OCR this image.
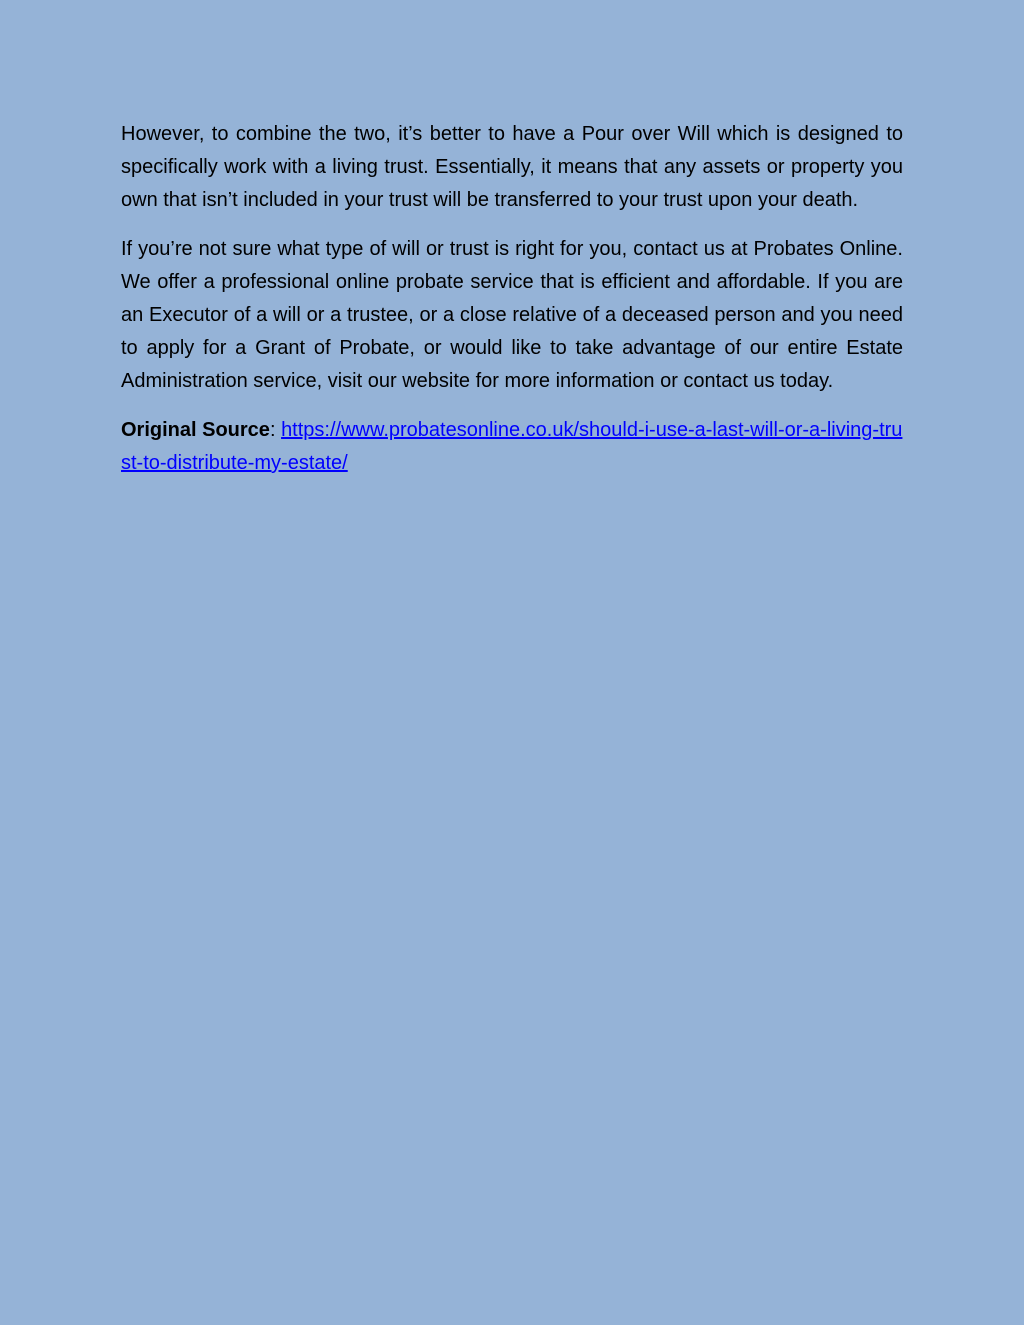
However, to combine the two, it’s better to have a Pour over Will which is designed to specifically work with a living trust. Essentially, it means that any assets or property you own that isn’t included in your trust will be transferred to your trust upon your death.

If you’re not sure what type of will or trust is right for you, contact us at Probates Online. We offer a professional online probate service that is efficient and affordable. If you are an Executor of a will or a trustee, or a close relative of a deceased person and you need to apply for a Grant of Probate, or would like to take advantage of our entire Estate Administration service, visit our website for more information or contact us today.

Original Source: https://www.probatesonline.co.uk/should-i-use-a-last-will-or-a-living-trust-to-distribute-my-estate/
